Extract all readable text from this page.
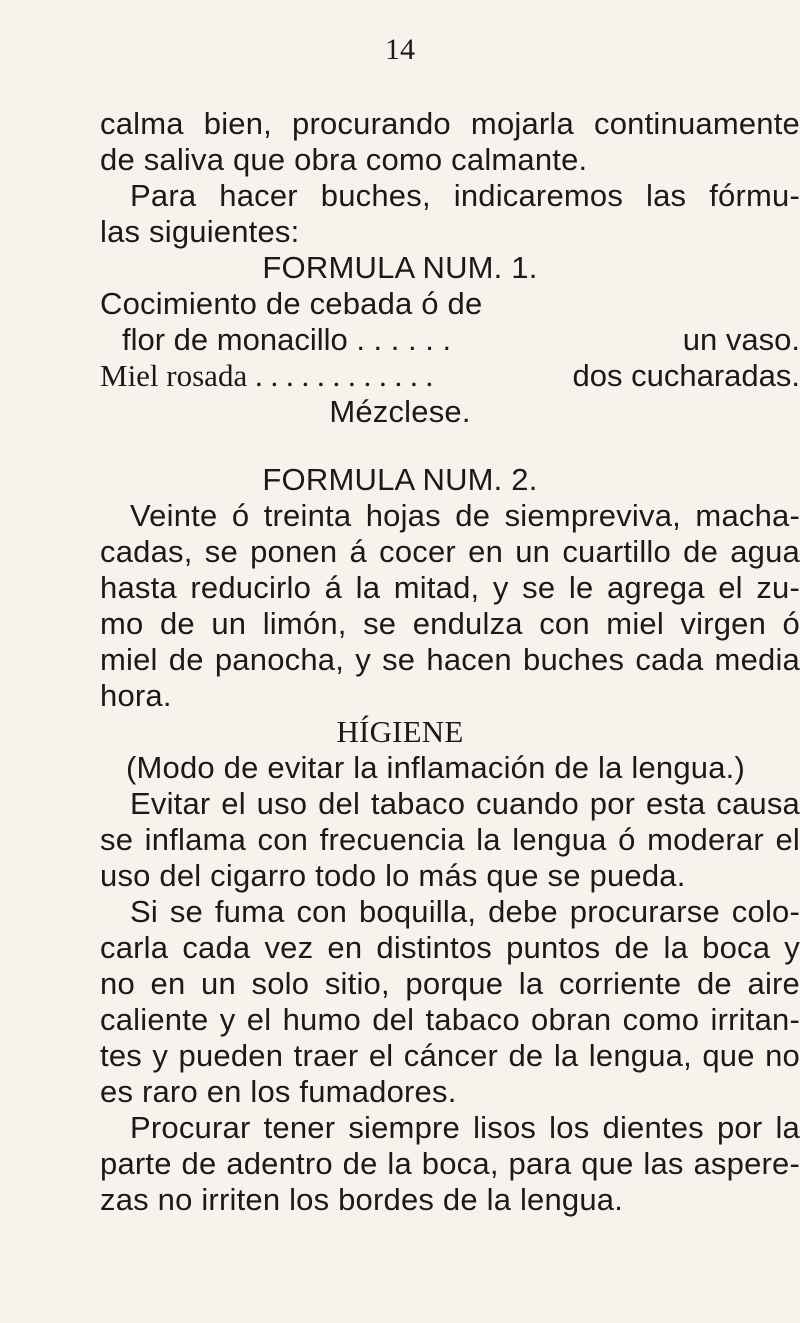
14
calma bien, procurando mojarla continuamente
de saliva que obra como calmante.
Para hacer buches, indicaremos las fórmu-
las siguientes:
FORMULA NUM. 1.
Cocimiento de cebada ó de
flor de monacillo . . . . . .	un vaso.
Miel rosada . . . . . . . . . . . .	dos cucharadas.
Mézclese.
FORMULA NUM. 2.
Veinte ó treinta hojas de siempreviva, macha-
cadas, se ponen á cocer en un cuartillo de agua
hasta reducirlo á la mitad, y se le agrega el zu-
mo de un limón, se endulza con miel virgen ó
miel de panocha, y se hacen buches cada media
hora.
HÍGIENE
(Modo de evitar la inflamación de la lengua.)
Evitar el uso del tabaco cuando por esta causa
se inflama con frecuencia la lengua ó moderar el
uso del cigarro todo lo más que se pueda.
Si se fuma con boquilla, debe procurarse colo-
carla cada vez en distintos puntos de la boca y
no en un solo sitio, porque la corriente de aire
caliente y el humo del tabaco obran como irritan-
tes y pueden traer el cáncer de la lengua, que no
es raro en los fumadores.
Procurar tener siempre lisos los dientes por la
parte de adentro de la boca, para que las aspere-
zas no irriten los bordes de la lengua.
